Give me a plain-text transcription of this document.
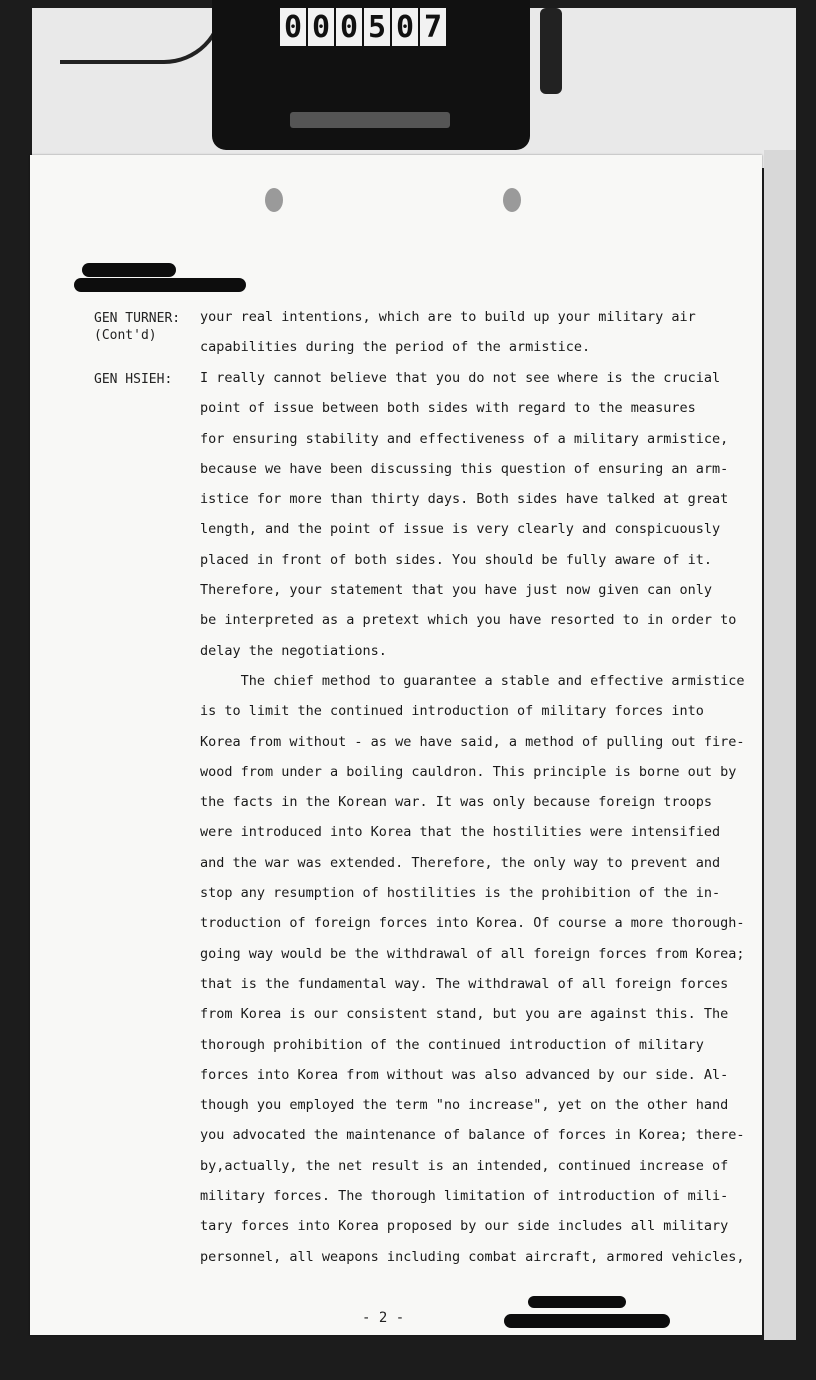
0 0 0 5 0 7
GEN TURNER:
(Cont'd)
your real intentions, which are to build up your military air
capabilities during the period of the armistice.
GEN HSIEH: I really cannot believe that you do not see where is the crucial
point of issue between both sides with regard to the measures
for ensuring stability and effectiveness of a military armistice,
because we have been discussing this question of ensuring an arm-
istice for more than thirty days. Both sides have talked at great
length, and the point of issue is very clearly and conspicuously
placed in front of both sides. You should be fully aware of it.
Therefore, your statement that you have just now given can only
be interpreted as a pretext which you have resorted to in order to
delay the negotiations.
The chief method to guarantee a stable and effective armistice
is to limit the continued introduction of military forces into
Korea from without - as we have said, a method of pulling out fire-
wood from under a boiling cauldron. This principle is borne out by
the facts in the Korean war. It was only because foreign troops
were introduced into Korea that the hostilities were intensified
and the war was extended. Therefore, the only way to prevent and
stop any resumption of hostilities is the prohibition of the in-
troduction of foreign forces into Korea. Of course a more thorough-
going way would be the withdrawal of all foreign forces from Korea;
that is the fundamental way. The withdrawal of all foreign forces
from Korea is our consistent stand, but you are against this. The
thorough prohibition of the continued introduction of military
forces into Korea from without was also advanced by our side. Al-
though you employed the term "no increase", yet on the other hand
you advocated the maintenance of balance of forces in Korea; there-
by,actually, the net result is an intended, continued increase of
military forces. The thorough limitation of introduction of mili-
tary forces into Korea proposed by our side includes all military
personnel, all weapons including combat aircraft, armored vehicles,
- 2 -
